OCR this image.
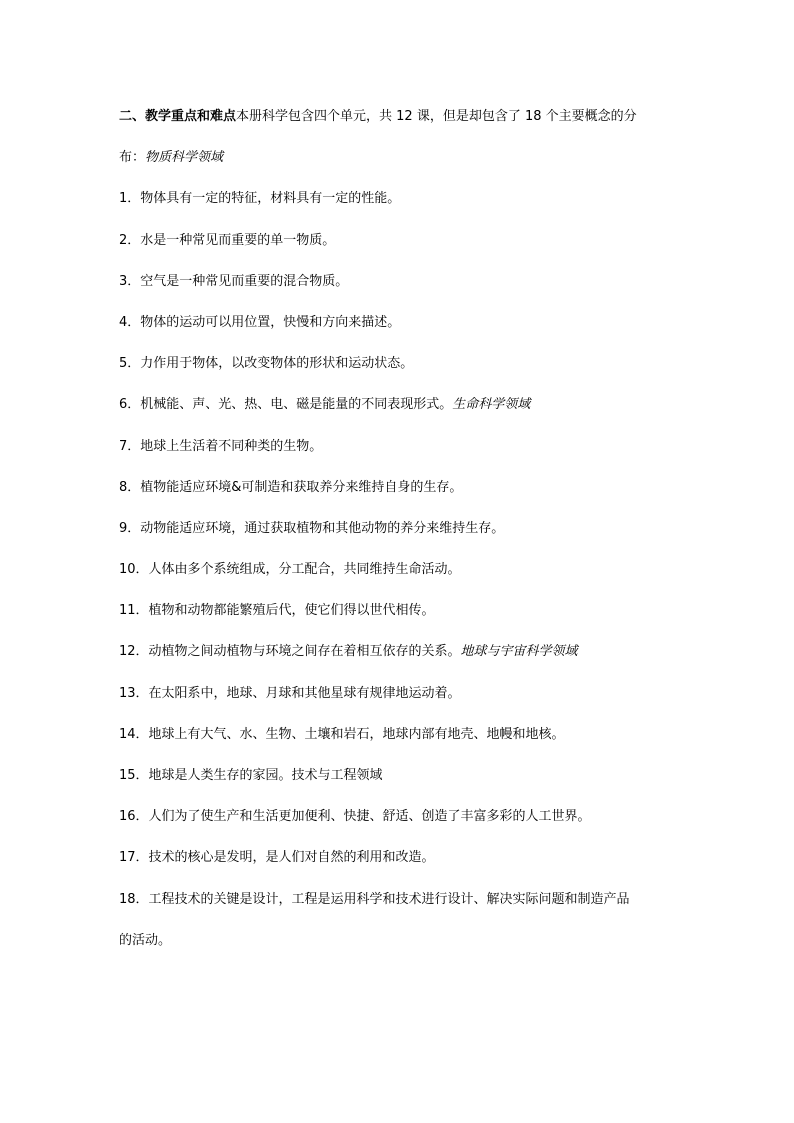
二、教学重点和难点本册科学包含四个单元，共 12 课，但是却包含了 18 个主要概念的分
布：物质科学领域
1．物体具有一定的特征，材料具有一定的性能。
2．水是一种常见而重要的单一物质。
3．空气是一种常见而重要的混合物质。
4．物体的运动可以用位置，快慢和方向来描述。
5．力作用于物体，以改变物体的形状和运动状态。
6．机械能、声、光、热、电、磁是能量的不同表现形式。生命科学领域
7．地球上生活着不同种类的生物。
8．植物能适应环境&可制造和获取养分来维持自身的生存。
9．动物能适应环境，通过获取植物和其他动物的养分来维持生存。
10．人体由多个系统组成，分工配合，共同维持生命活动。
11．植物和动物都能繁殖后代，使它们得以世代相传。
12．动植物之间动植物与环境之间存在着相互依存的关系。地球与宇宙科学领域
13．在太阳系中，地球、月球和其他星球有规律地运动着。
14．地球上有大气、水、生物、土壤和岩石，地球内部有地壳、地幔和地核。
15．地球是人类生存的家园。技术与工程领域
16．人们为了使生产和生活更加便利、快捷、舒适、创造了丰富多彩的人工世界。
17．技术的核心是发明，是人们对自然的利用和改造。
18．工程技术的关键是设计，工程是运用科学和技术进行设计、解决实际问题和制造产品
的活动。
